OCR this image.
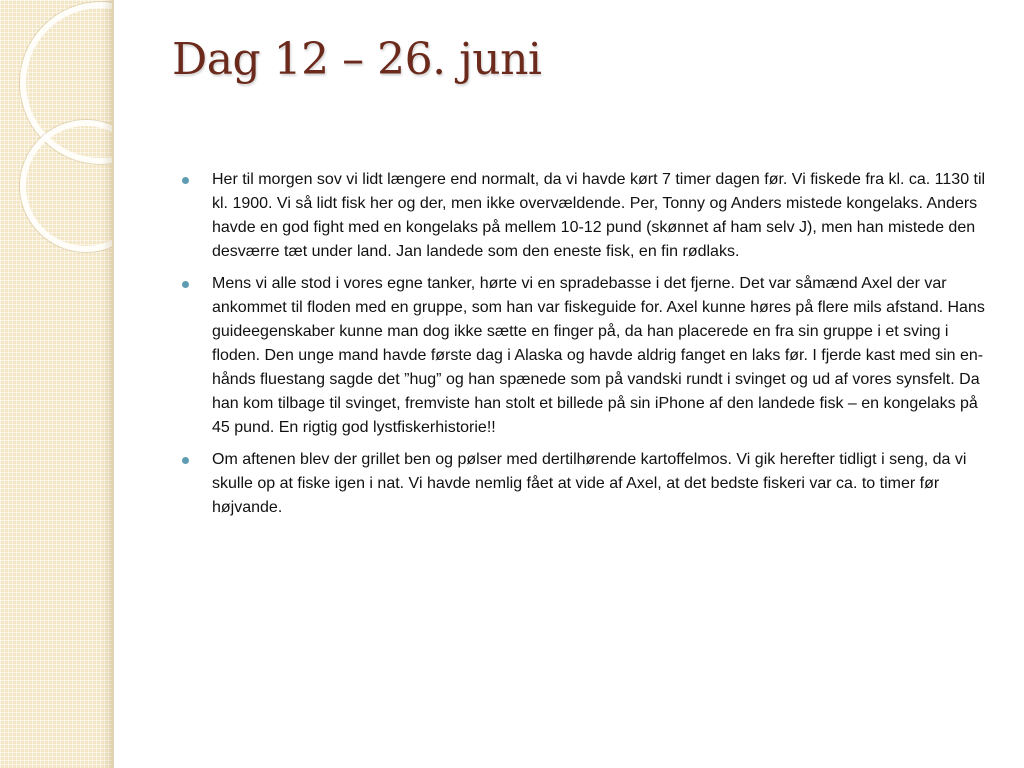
Dag 12 – 26. juni
Her til morgen sov vi lidt længere end normalt, da vi havde kørt 7 timer dagen før. Vi fiskede fra kl. ca. 1130 til kl. 1900. Vi så lidt fisk her og der, men ikke overvældende. Per, Tonny og Anders mistede kongelaks. Anders havde en god fight med en kongelaks på mellem 10-12 pund (skønnet af ham selv J), men han mistede den desværre tæt under land. Jan landede som den eneste fisk, en fin rødlaks.
Mens vi alle stod i vores egne tanker, hørte vi en spradebasse i det fjerne. Det var såmænd Axel der var ankommet til floden med en gruppe, som han var fiskeguide for. Axel kunne høres på flere mils afstand. Hans guideegenskaber kunne man dog ikke sætte en finger på, da han placerede en fra sin gruppe i et sving i floden. Den unge mand havde første dag i Alaska og havde aldrig fanget en laks før. I fjerde kast med sin en-hånds fluestang sagde det ”hug” og han spænede som på vandski rundt i svinget og ud af vores synsfelt. Da han kom tilbage til svinget, fremviste han stolt et billede på sin iPhone af den landede fisk – en kongelaks på 45 pund. En rigtig god lystfiskerhistorie!!
Om aftenen blev der grillet ben og pølser med dertilhørende kartoffelmos. Vi gik herefter tidligt i seng, da vi skulle op at fiske igen i nat. Vi havde nemlig fået at vide af Axel, at det bedste fiskeri var ca. to timer før højvande.
